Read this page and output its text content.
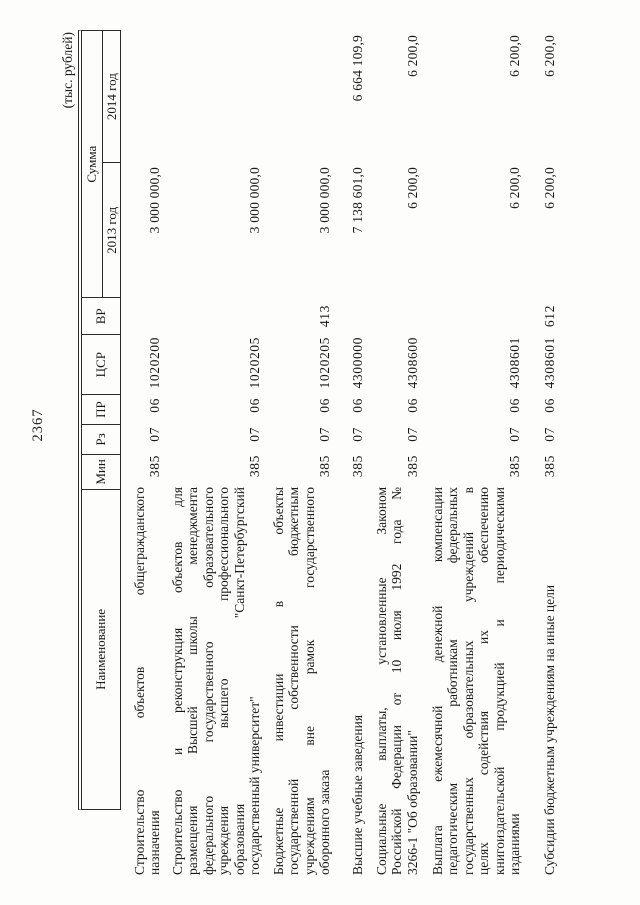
2367
(тыс. рублей)
Наименование
Мин
Рз
ПР
ЦСР
ВР
Сумма
2013 год
2014 год
Строительство объектов общегражданского назначения
385
07
06
1020200
3 000 000,0
Строительство и реконструкция объектов для размещения Высшей школы менеджмента федерального государственного образовательного учреждения высшего профессионального образования "Санкт-Петербургский государственный университет"
385
07
06
1020205
3 000 000,0
Бюджетные инвестиции в объекты государственной собственности бюджетным учреждениям вне рамок государственного оборонного заказа
385
07
06
1020205
413
3 000 000,0
Высшие учебные заведения
385
07
06
4300000
7 138 601,0
6 664 109,9
Социальные выплаты, установленные Законом Российской Федерации от 10 июля 1992 года № 3266-1 "Об образовании"
385
07
06
4308600
6 200,0
6 200,0
Выплата ежемесячной денежной компенсации педагогическим работникам федеральных государственных образовательных учреждений в целях содействия их обеспечению книгоиздательской продукцией и периодическими изданиями
385
07
06
4308601
6 200,0
6 200,0
Субсидии бюджетным учреждениям на иные цели
385
07
06
4308601
612
6 200,0
6 200,0
